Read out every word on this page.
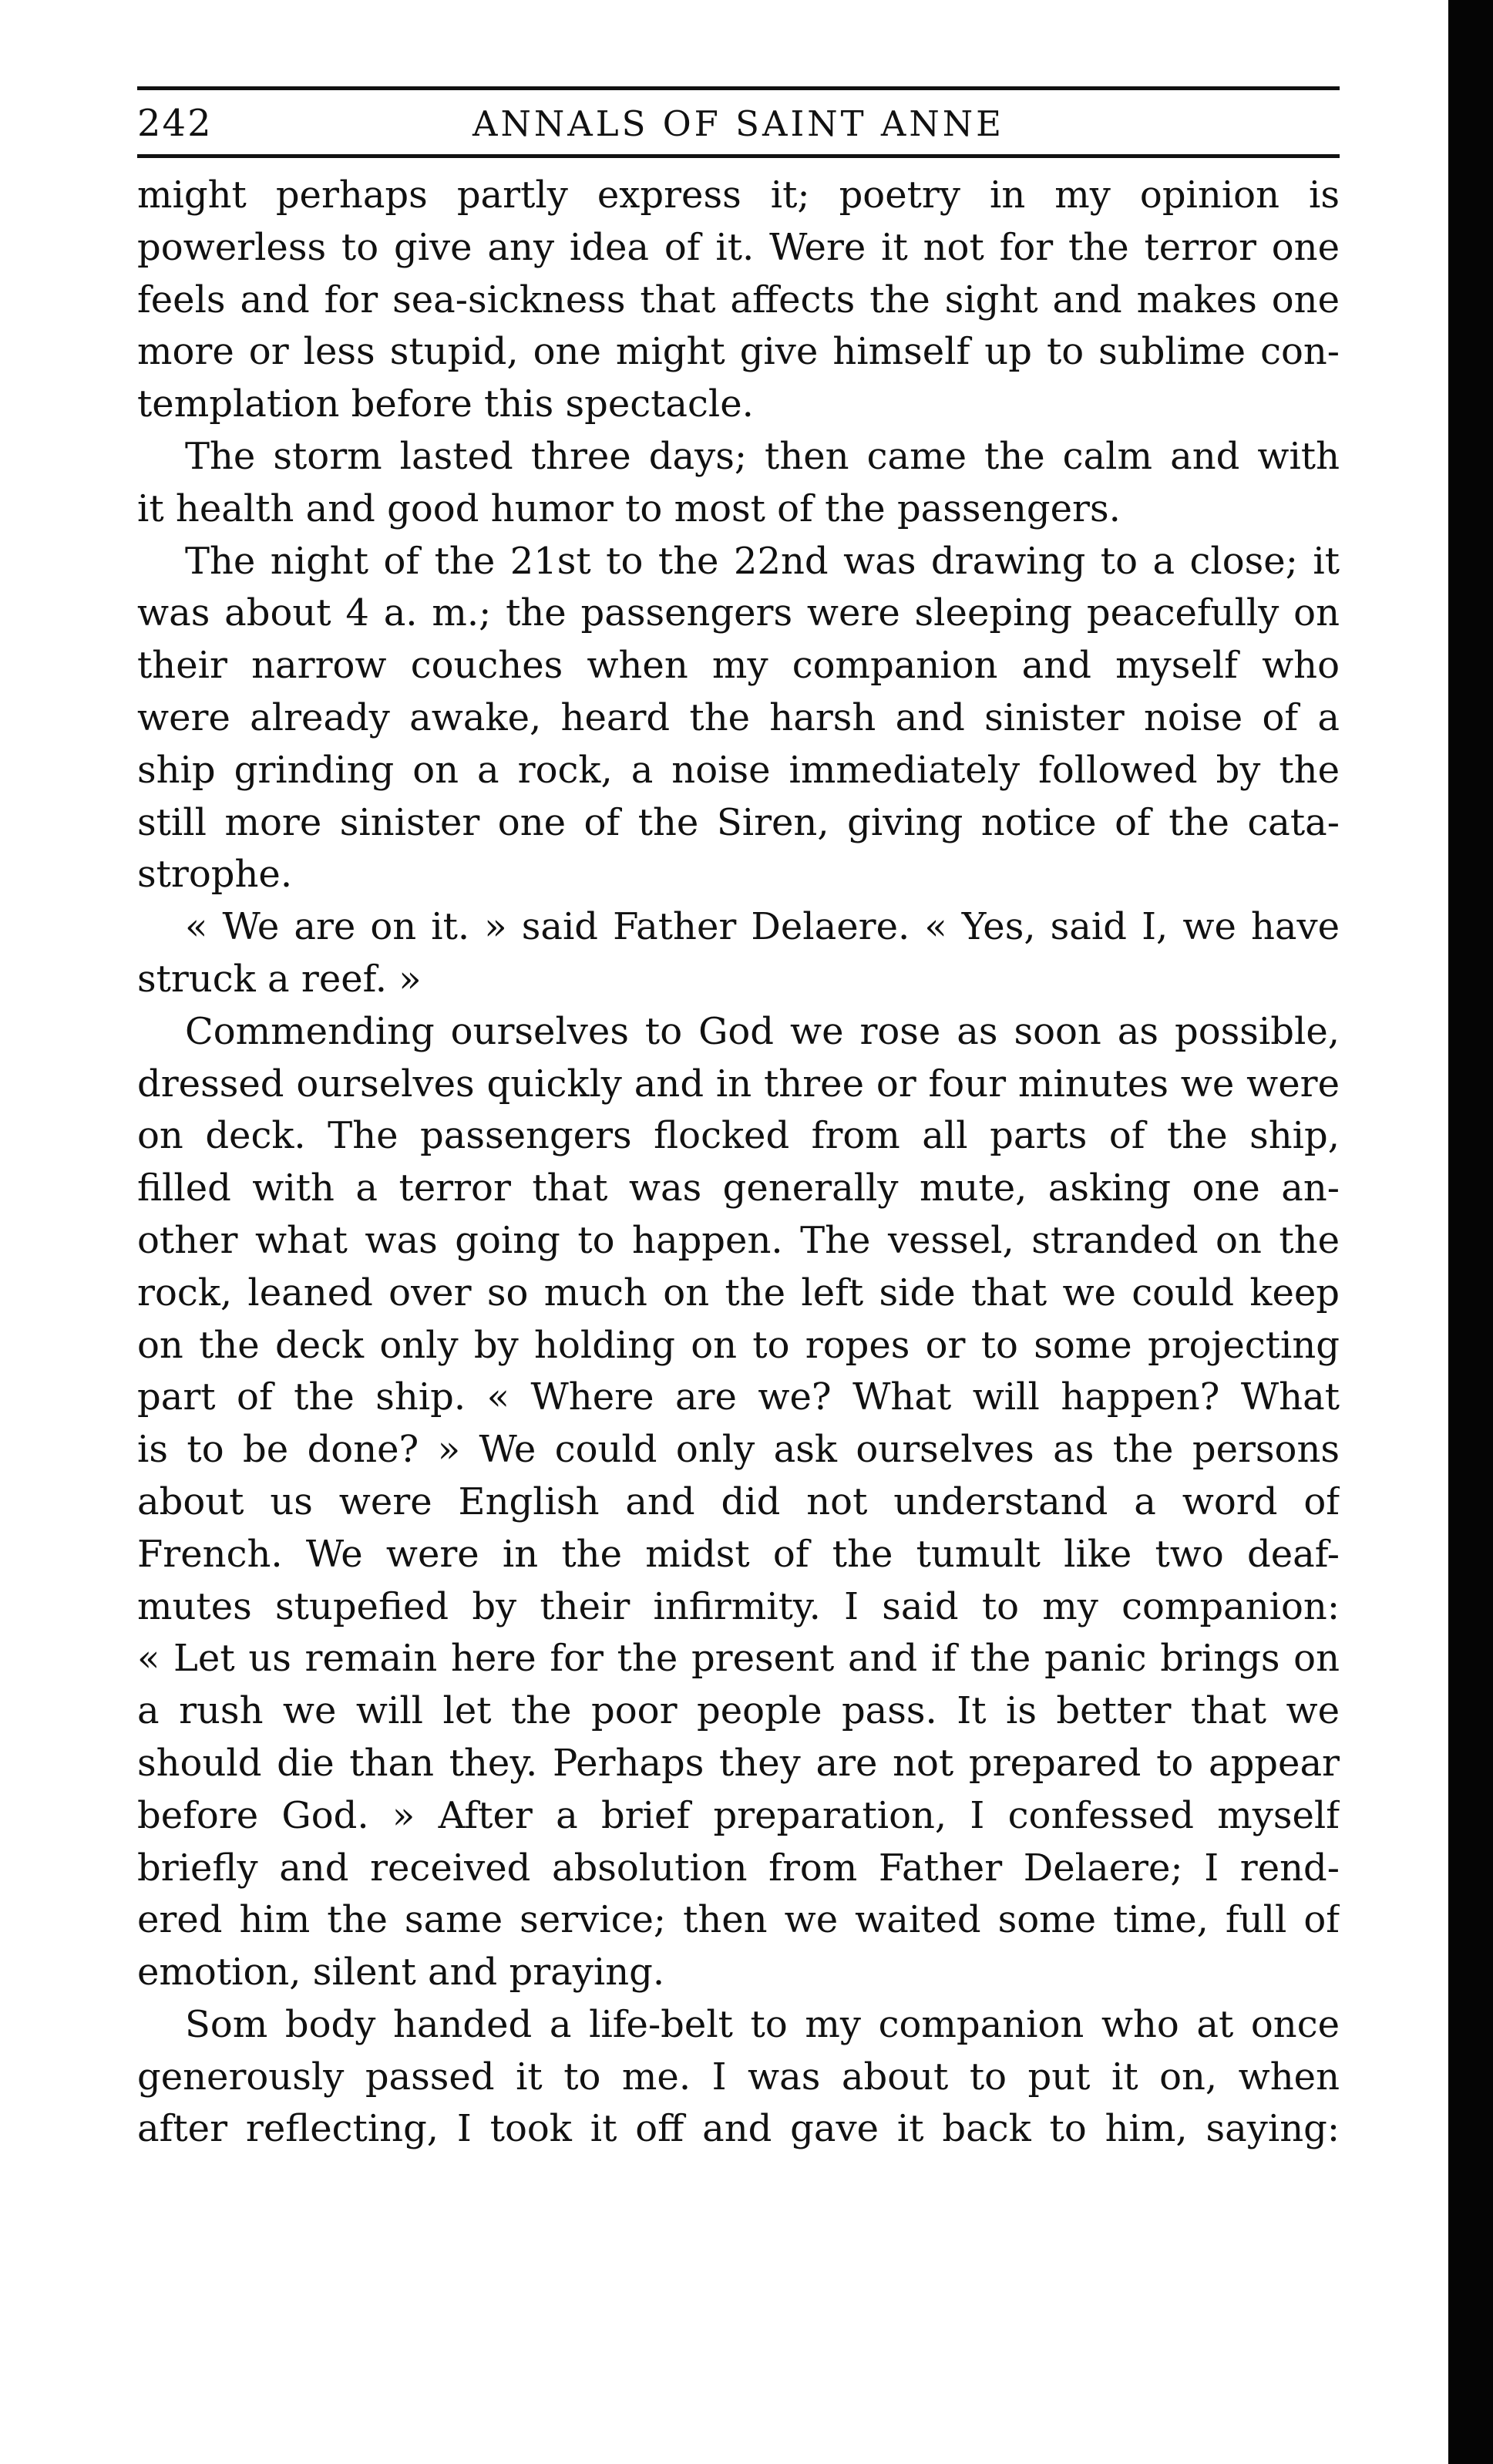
242	ANNALS OF SAINT ANNE
might perhaps partly express it; poetry in my opinion is
powerless to give any idea of it. Were it not for the terror one
feels and for sea-sickness that affects the sight and makes one
more or less stupid, one might give himself up to sublime con-
templation before this spectacle.
The storm lasted three days; then came the calm and with
it health and good humor to most of the passengers.
The night of the 21st to the 22nd was drawing to a close; it
was about 4 a. m.; the passengers were sleeping peacefully on
their narrow couches when my companion and myself who
were already awake, heard the harsh and sinister noise of a
ship grinding on a rock, a noise immediately followed by the
still more sinister one of the Siren, giving notice of the cata-
strophe.
« We are on it. » said Father Delaere. « Yes, said I, we have
struck a reef. »
Commending ourselves to God we rose as soon as possible,
dressed ourselves quickly and in three or four minutes we were
on deck. The passengers flocked from all parts of the ship,
filled with a terror that was generally mute, asking one an-
other what was going to happen. The vessel, stranded on the
rock, leaned over so much on the left side that we could keep
on the deck only by holding on to ropes or to some projecting
part of the ship. « Where are we? What will happen? What
is to be done? » We could only ask ourselves as the persons
about us were English and did not understand a word of
French. We were in the midst of the tumult like two deaf-
mutes stupefied by their infirmity. I said to my companion:
« Let us remain here for the present and if the panic brings on
a rush we will let the poor people pass. It is better that we
should die than they. Perhaps they are not prepared to appear
before God. » After a brief preparation, I confessed myself
briefly and received absolution from Father Delaere; I rend-
ered him the same service; then we waited some time, full of
emotion, silent and praying.
Som body handed a life-belt to my companion who at once
generously passed it to me. I was about to put it on, when
after reflecting, I took it off and gave it back to him, saying:
